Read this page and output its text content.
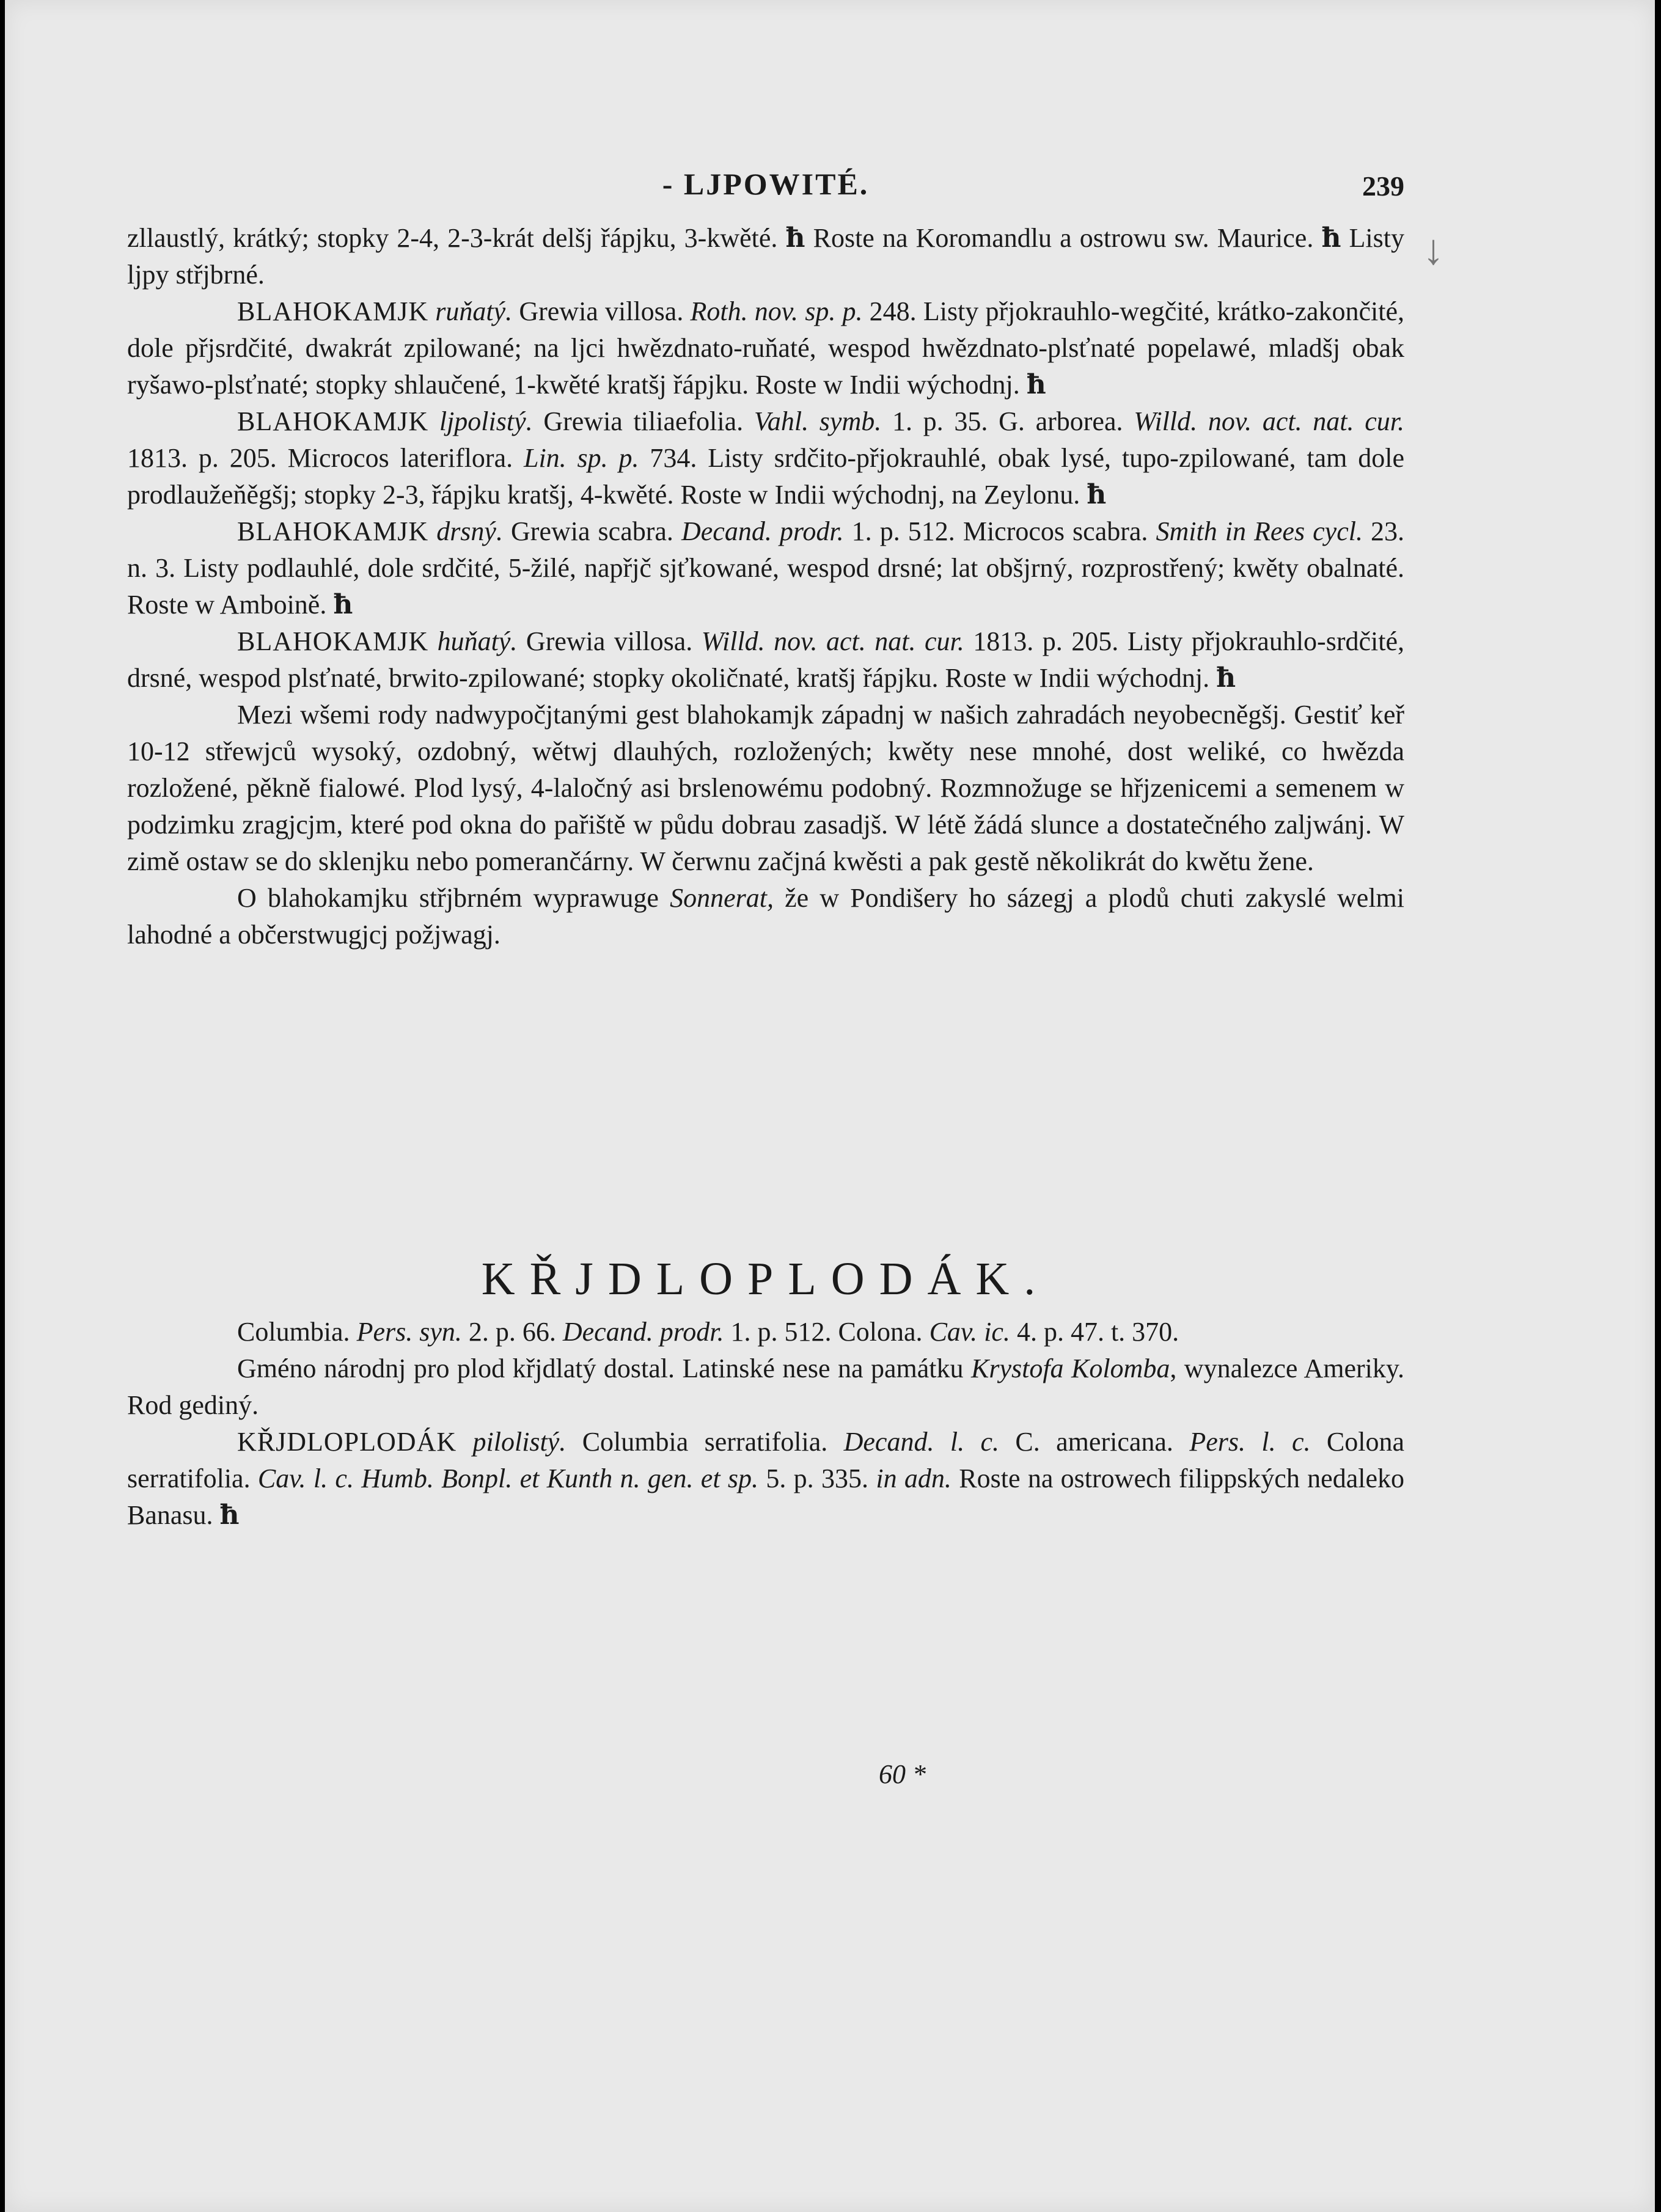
- LJPOWITÉ.	239
↓

zllaustlý, krátký; stopky 2-4, 2-3-krát delšj řápjku, 3-kwěté. ħ Roste na Koromandlu a ostrowu sw. Maurice. ħ Listy ljpy střjbrné.

BLAHOKAMJK ruňatý. Grewia villosa. Roth. nov. sp. p. 248. Listy přjokrauhlo-wegčité, krátko-zakončité, dole přjsrdčité, dwakrát zpilowané; na ljci hwězdnato-ruňaté, wespod hwězdnato-plsťnaté popelawé, mladšj obak ryšawo-plsťnaté; stopky shlaučené, 1-kwěté kratšj řápjku. Roste w Indii wýchodnj. ħ

BLAHOKAMJK ljpolistý. Grewia tiliaefolia. Vahl. symb. 1. p. 35. G. arborea. Willd. nov. act. nat. cur. 1813. p. 205. Microcos lateriflora. Lin. sp. p. 734. Listy srdčito-přjokrauhlé, obak lysé, tupo-zpilowané, tam dole prodlaužeňěgšj; stopky 2-3, řápjku kratšj, 4-kwěté. Roste w Indii wýchodnj, na Zeylonu. ħ

BLAHOKAMJK drsný. Grewia scabra. Decand. prodr. 1. p. 512. Microcos scabra. Smith in Rees cycl. 23. n. 3. Listy podlauhlé, dole srdčité, 5-žilé, napřjč sjťkowané, wespod drsné; lat obšjrný, rozprostřený; kwěty obalnaté. Roste w Amboině. ħ

BLAHOKAMJK huňatý. Grewia villosa. Willd. nov. act. nat. cur. 1813. p. 205. Listy přjokrauhlo-srdčité, drsné, wespod plsťnaté, brwito-zpilowané; stopky okoličnaté, kratšj řápjku. Roste w Indii wýchodnj. ħ

Mezi wšemi rody nadwypočjtanými gest blahokamjk západnj w našich zahradách neyobecněgšj. Gestiť keř 10-12 střewjců wysoký, ozdobný, wětwj dlauhých, rozložených; kwěty nese mnohé, dost weliké, co hwězda rozložené, pěkně fialowé. Plod lysý, 4-laločný asi brslenowému podobný. Rozmnožuge se hřjzenicemi a semenem w podzimku zragjcjm, které pod okna do pařiště w půdu dobrau zasadjš. W létě žádá slunce a dostatečného zaljwánj. W zimě ostaw se do sklenjku nebo pomerančárny. W čerwnu začjná kwěsti a pak gestě několikrát do kwětu žene.

O blahokamjku střjbrném wyprawuge Sonnerat, že w Pondišery ho sázegj a plodů chuti zakyslé welmi lahodné a občerstwugjcj požjwagj.

KŘJDLOPLODÁK.

Columbia. Pers. syn. 2. p. 66. Decand. prodr. 1. p. 512. Colona. Cav. ic. 4. p. 47. t. 370.

Gméno národnj pro plod křjdlatý dostal. Latinské nese na památku Krystofa Kolomba, wynalezce Ameriky. Rod gediný.

KŘJDLOPLODÁK pilolistý. Columbia serratifolia. Decand. l. c. C. americana. Pers. l. c. Colona serratifolia. Cav. l. c. Humb. Bonpl. et Kunth n. gen. et sp. 5. p. 335. in adn. Roste na ostrowech filippských nedaleko Banasu. ħ

60 *
